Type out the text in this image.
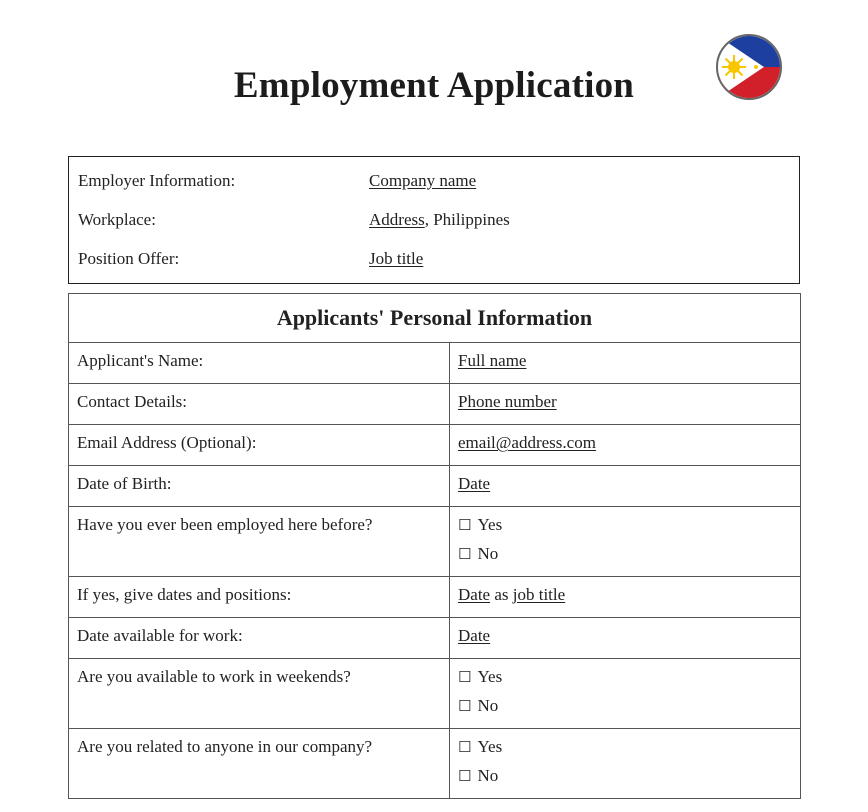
Employment Application
Employer Information:	Company name
Workplace:	Address, Philippines
Position Offer:	Job title
Applicants' Personal Information	

Applicant's Name:	Full name

Contact Details:	Phone number

Email Address (Optional):	email@address.com

Date of Birth:	Date

Have you ever been employed here before?	☐ Yes
☐ No

If yes, give dates and positions:	Date as job title

Date available for work:	Date

Are you available to work in weekends?	☐ Yes
☐ No

Are you related to anyone in our company?	☐ Yes
☐ No
